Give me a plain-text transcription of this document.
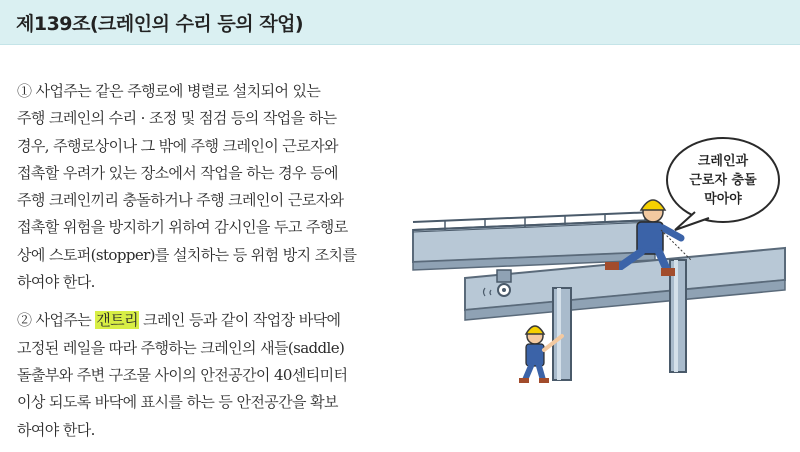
제139조(크레인의 수리 등의 작업)

① 사업주는 같은 주행로에 병렬로 설치되어 있는

주행 크레인의 수리 · 조정 및 점검 등의 작업을 하는

경우, 주행로상이나 그 밖에 주행 크레인이 근로자와

접촉할 우려가 있는 장소에서 작업을 하는 경우 등에

주행 크레인끼리 충돌하거나 주행 크레인이 근로자와

접촉할 위험을 방지하기 위하여 감시인을 두고 주행로

상에 스토퍼(stopper)를 설치하는 등 위험 방지 조치를

하여야 한다.

② 사업주는 갠트리 크레인 등과 같이 작업장 바닥에

고정된 레일을 따라 주행하는 크레인의 새들(saddle)

돌출부와 주변 구조물 사이의 안전공간이 40센티미터

이상 되도록 바닥에 표시를 하는 등 안전공간을 확보

하여야 한다.

크레인과
근로자 충돌
막아야
